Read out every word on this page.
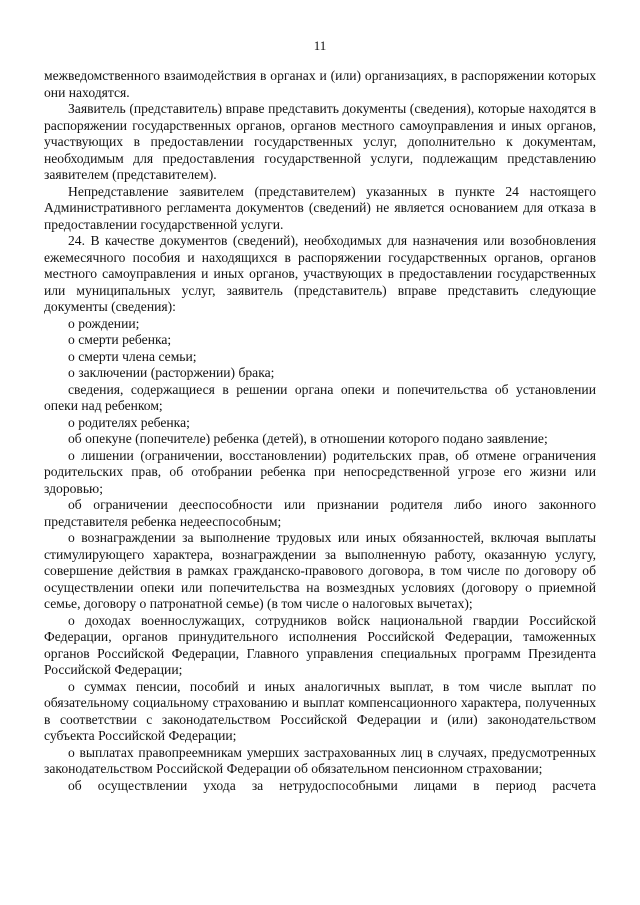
11

межведомственного взаимодействия в органах и (или) организациях, в распоряжении которых они находятся.

Заявитель (представитель) вправе представить документы (сведения), которые находятся в распоряжении государственных органов, органов местного самоуправления и иных органов, участвующих в предоставлении государственных услуг, дополнительно к документам, необходимым для предоставления государственной услуги, подлежащим представлению заявителем (представителем).

Непредставление заявителем (представителем) указанных в пункте 24 настоящего Административного регламента документов (сведений) не является основанием для отказа в предоставлении государственной услуги.

24. В качестве документов (сведений), необходимых для назначения или возобновления ежемесячного пособия и находящихся в распоряжении государственных органов, органов местного самоуправления и иных органов, участвующих в предоставлении государственных или муниципальных услуг, заявитель (представитель) вправе представить следующие документы (сведения):

о рождении;

о смерти ребенка;

о смерти члена семьи;

о заключении (расторжении) брака;

сведения, содержащиеся в решении органа опеки и попечительства об установлении опеки над ребенком;

о родителях ребенка;

об опекуне (попечителе) ребенка (детей), в отношении которого подано заявление;

о лишении (ограничении, восстановлении) родительских прав, об отмене ограничения родительских прав, об отобрании ребенка при непосредственной угрозе его жизни или здоровью;

об ограничении дееспособности или признании родителя либо иного законного представителя ребенка недееспособным;

о вознаграждении за выполнение трудовых или иных обязанностей, включая выплаты стимулирующего характера, вознаграждении за выполненную работу, оказанную услугу, совершение действия в рамках гражданско-правового договора, в том числе по договору об осуществлении опеки или попечительства на возмездных условиях (договору о приемной семье, договору о патронатной семье) (в том числе о налоговых вычетах);

о доходах военнослужащих, сотрудников войск национальной гвардии Российской Федерации, органов принудительного исполнения Российской Федерации, таможенных органов Российской Федерации, Главного управления специальных программ Президента Российской Федерации;

о суммах пенсии, пособий и иных аналогичных выплат, в том числе выплат по обязательному социальному страхованию и выплат компенсационного характера, полученных в соответствии с законодательством Российской Федерации и (или) законодательством субъекта Российской Федерации;

о выплатах правопреемникам умерших застрахованных лиц в случаях, предусмотренных законодательством Российской Федерации об обязательном пенсионном страховании;

об осуществлении ухода за нетрудоспособными лицами в период расчета
